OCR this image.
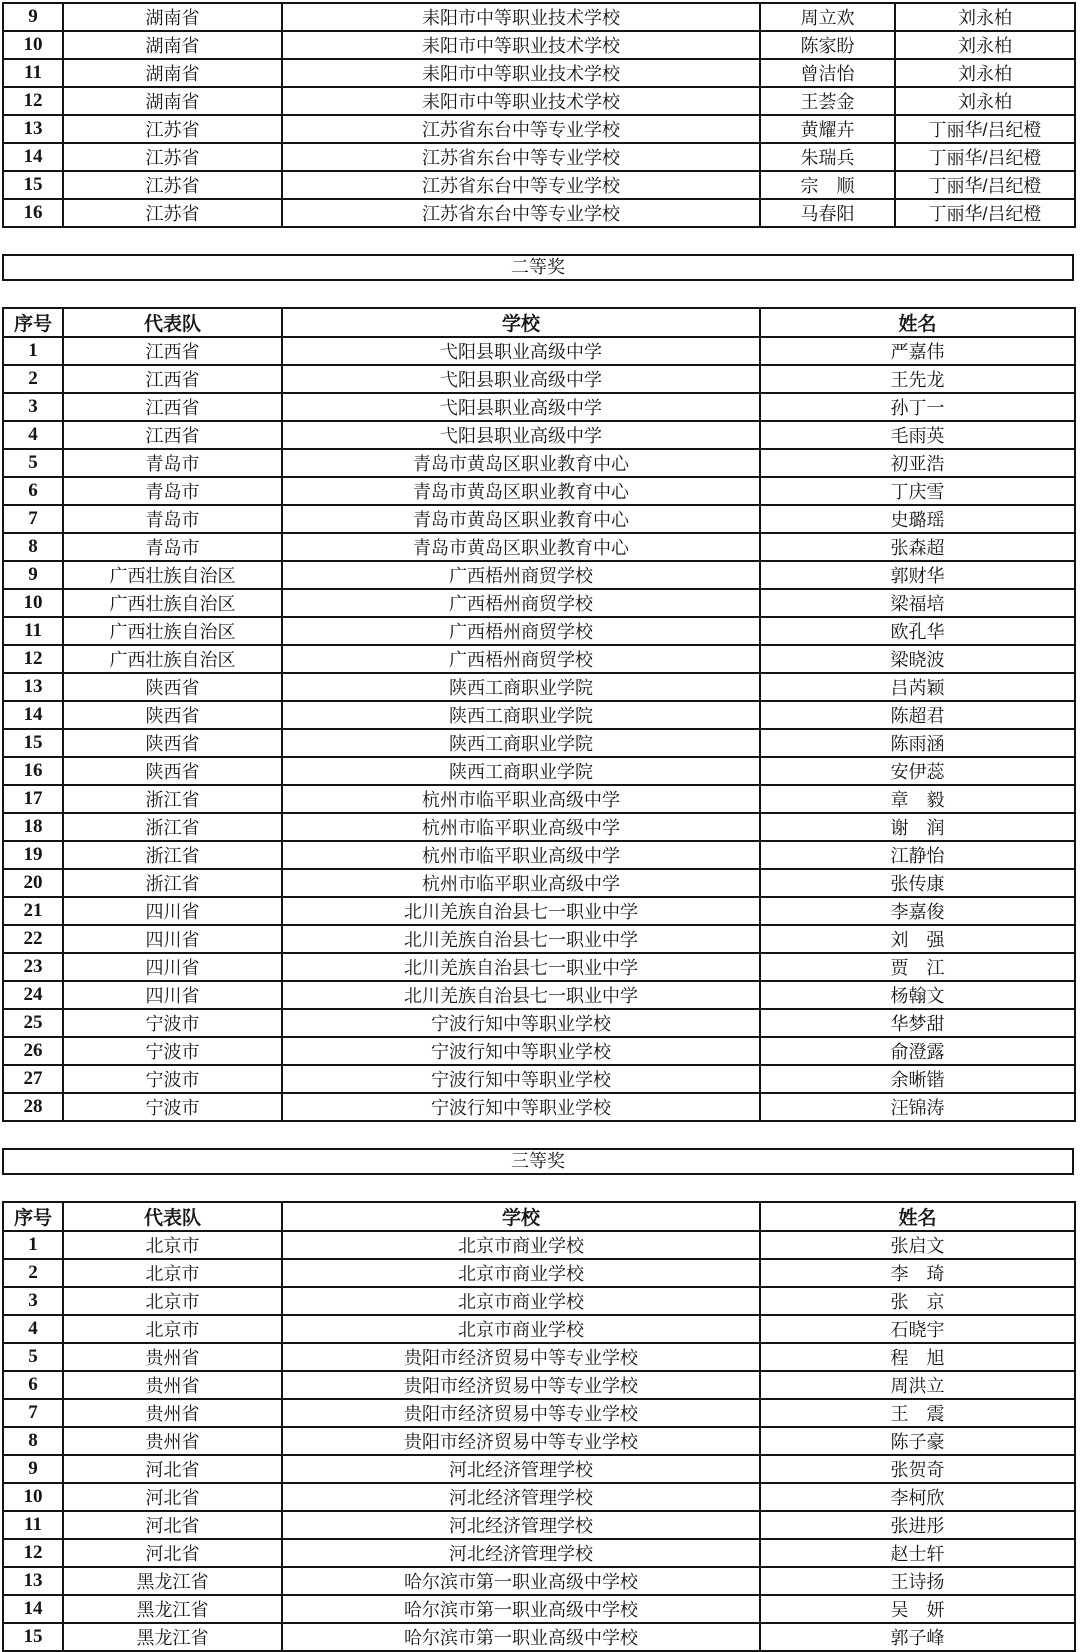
9	湖南省	耒阳市中等职业技术学校	周立欢	刘永柏
10	湖南省	耒阳市中等职业技术学校	陈家盼	刘永柏
11	湖南省	耒阳市中等职业技术学校	曾洁怡	刘永柏
12	湖南省	耒阳市中等职业技术学校	王荟金	刘永柏
13	江苏省	江苏省东台中等专业学校	黄耀卉	丁丽华/吕纪橙
14	江苏省	江苏省东台中等专业学校	朱瑞兵	丁丽华/吕纪橙
15	江苏省	江苏省东台中等专业学校	宗　顺	丁丽华/吕纪橙
16	江苏省	江苏省东台中等专业学校	马春阳	丁丽华/吕纪橙
二等奖
序号	代表队	学校	姓名
1	江西省	弋阳县职业高级中学	严嘉伟
2	江西省	弋阳县职业高级中学	王先龙
3	江西省	弋阳县职业高级中学	孙丁一
4	江西省	弋阳县职业高级中学	毛雨英
5	青岛市	青岛市黄岛区职业教育中心	初亚浩
6	青岛市	青岛市黄岛区职业教育中心	丁庆雪
7	青岛市	青岛市黄岛区职业教育中心	史璐瑶
8	青岛市	青岛市黄岛区职业教育中心	张森超
9	广西壮族自治区	广西梧州商贸学校	郭财华
10	广西壮族自治区	广西梧州商贸学校	梁福培
11	广西壮族自治区	广西梧州商贸学校	欧孔华
12	广西壮族自治区	广西梧州商贸学校	梁晓波
13	陕西省	陕西工商职业学院	吕芮颖
14	陕西省	陕西工商职业学院	陈超君
15	陕西省	陕西工商职业学院	陈雨涵
16	陕西省	陕西工商职业学院	安伊蕊
17	浙江省	杭州市临平职业高级中学	章　毅
18	浙江省	杭州市临平职业高级中学	谢　润
19	浙江省	杭州市临平职业高级中学	江静怡
20	浙江省	杭州市临平职业高级中学	张传康
21	四川省	北川羌族自治县七一职业中学	李嘉俊
22	四川省	北川羌族自治县七一职业中学	刘　强
23	四川省	北川羌族自治县七一职业中学	贾　江
24	四川省	北川羌族自治县七一职业中学	杨翰文
25	宁波市	宁波行知中等职业学校	华梦甜
26	宁波市	宁波行知中等职业学校	俞澄露
27	宁波市	宁波行知中等职业学校	余晰锴
28	宁波市	宁波行知中等职业学校	汪锦涛
三等奖
序号	代表队	学校	姓名
1	北京市	北京市商业学校	张启文
2	北京市	北京市商业学校	李　琦
3	北京市	北京市商业学校	张　京
4	北京市	北京市商业学校	石晓宇
5	贵州省	贵阳市经济贸易中等专业学校	程　旭
6	贵州省	贵阳市经济贸易中等专业学校	周洪立
7	贵州省	贵阳市经济贸易中等专业学校	王　震
8	贵州省	贵阳市经济贸易中等专业学校	陈子豪
9	河北省	河北经济管理学校	张贺奇
10	河北省	河北经济管理学校	李柯欣
11	河北省	河北经济管理学校	张进彤
12	河北省	河北经济管理学校	赵士轩
13	黑龙江省	哈尔滨市第一职业高级中学校	王诗扬
14	黑龙江省	哈尔滨市第一职业高级中学校	吴　妍
15	黑龙江省	哈尔滨市第一职业高级中学校	郭子峰
